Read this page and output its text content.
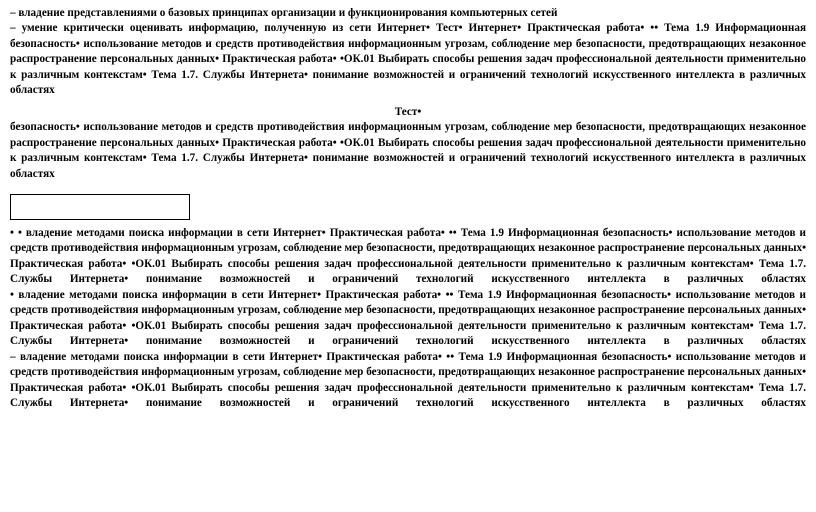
– владение представлениями о базовых принципах организации и функционирования компьютерных сетей

– умение критически оценивать информацию, полученную из сети Интернет• Тест• Интернет• Практическая работа• •• Тема 1.9 Информационная безопасность• использование методов и средств противодействия информационным угрозам, соблюдение мер безопасности, предотвращающих незаконное распространение персональных данных• Практическая работа• •ОК.01 Выбирать способы решения задач профессиональной деятельности применительно к различным контекстам• Тема 1.7. Службы Интернета• понимание возможностей и ограничений технологий искусственного интеллекта в различных областях

Тест•

безопасность• использование методов и средств противодействия информационным угрозам, соблюдение мер безопасности, предотвращающих незаконное распространение персональных данных• Практическая работа• •ОК.01 Выбирать способы решения задач профессиональной деятельности применительно к различным контекстам• Тема 1.7. Службы Интернета• понимание возможностей и ограничений технологий искусственного интеллекта в различных областях

• • владение методами поиска информации в сети Интернет• Практическая работа• •• Тема 1.9 Информационная безопасность• использование методов и средств противодействия информационным угрозам, соблюдение мер безопасности, предотвращающих незаконное распространение персональных данных• Практическая работа• •ОК.01 Выбирать способы решения задач профессиональной деятельности применительно к различным контекстам• Тема 1.7. Службы Интернета• понимание возможностей и ограничений технологий искусственного интеллекта в различных областях

• владение методами поиска информации в сети Интернет• Практическая работа• •• Тема 1.9 Информационная безопасность• использование методов и средств противодействия информационным угрозам, соблюдение мер безопасности, предотвращающих незаконное распространение персональных данных• Практическая работа• •ОК.01 Выбирать способы решения задач профессиональной деятельности применительно к различным контекстам• Тема 1.7. Службы Интернета• понимание возможностей и ограничений технологий искусственного интеллекта в различных областях

– владение методами поиска информации в сети Интернет• Практическая работа• •• Тема 1.9 Информационная безопасность• использование методов и средств противодействия информационным угрозам, соблюдение мер безопасности, предотвращающих незаконное распространение персональных данных• Практическая работа• •ОК.01 Выбирать способы решения задач профессиональной деятельности применительно к различным контекстам• Тема 1.7. Службы Интернета• понимание возможностей и ограничений технологий искусственного интеллекта в различных областях
